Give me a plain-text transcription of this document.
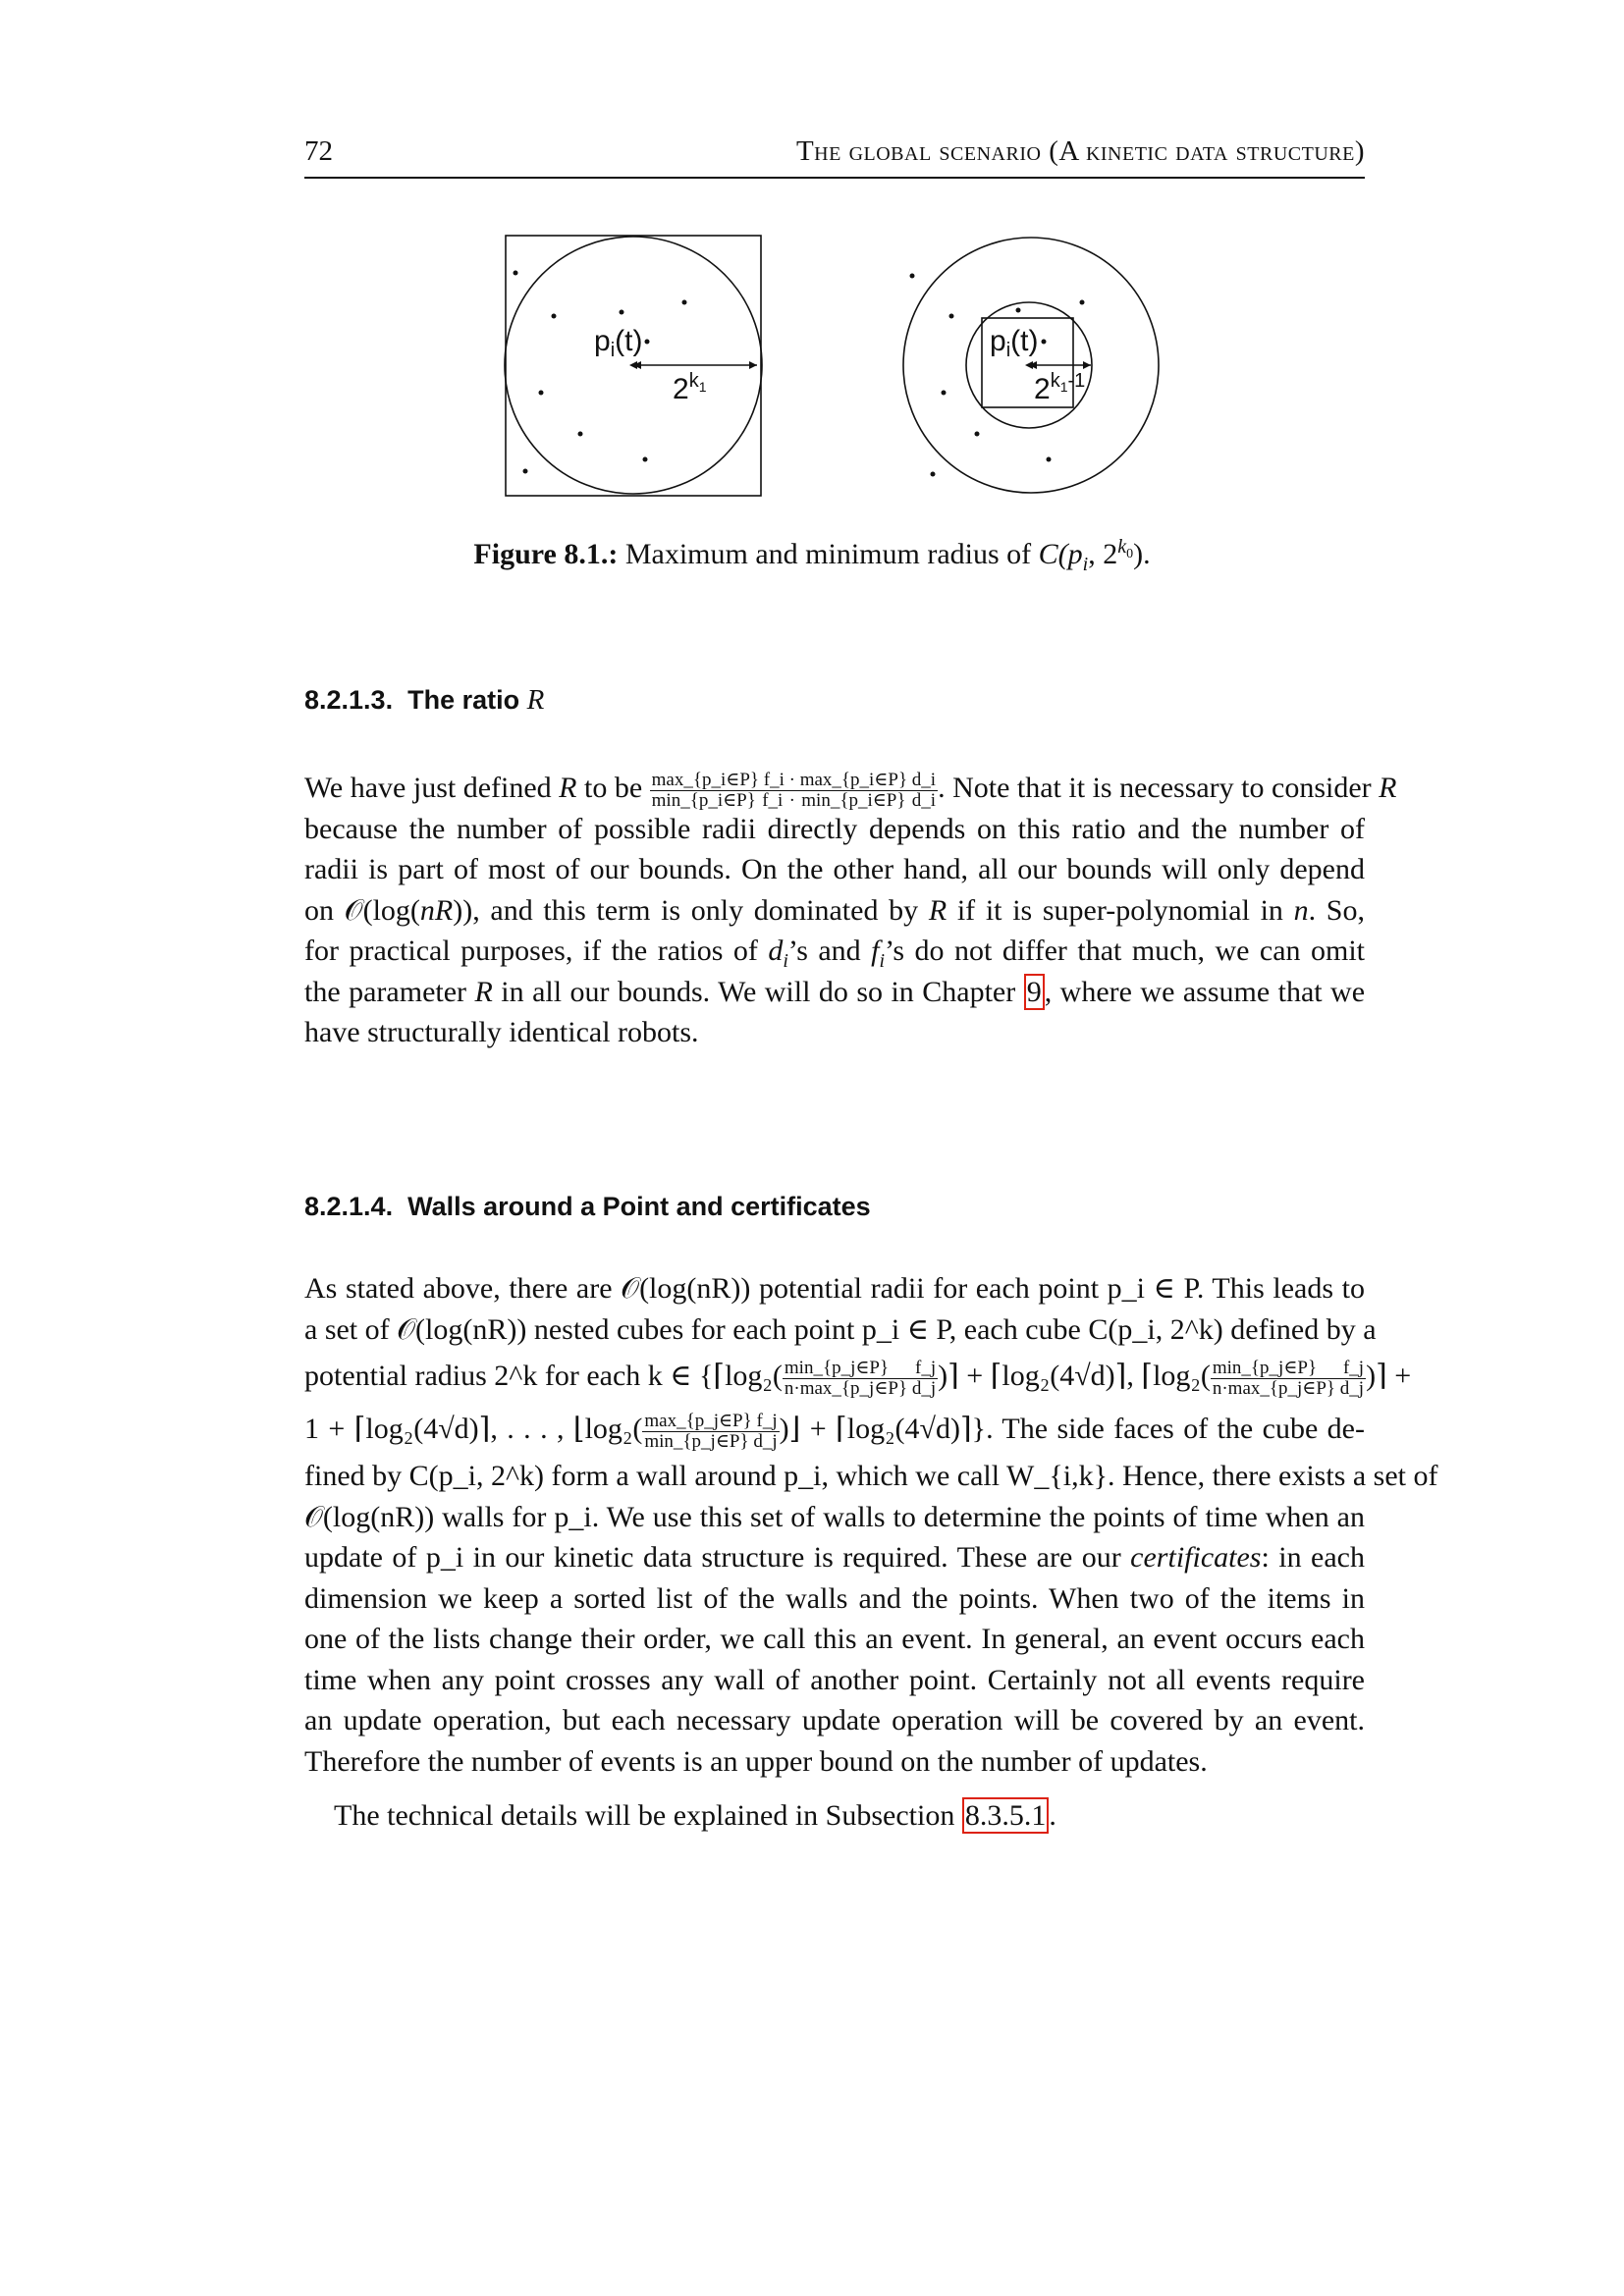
72	The global scenario (A kinetic data structure)
$p_i(t)$
2$^k$1
$p_i(t)$
2$^k$1-1
Figure 8.1.: Maximum and minimum radius of $C(p_i$, $2^{k_0}$).
8.2.1.3. The ratio R
We have just defined R to be $\frac{\max\_\{p\_i\in P\} f\_i \cdot \max\_\{p\_i\in P\} d\_i}{\min\_\{p\_i\in P\} f\_i \cdot \min\_\{p\_i\in P\} d\_i}$ . Note that it is necessary to consider R
because the number of possible radii directly depends on this ratio and the number of
radii is part of most of our bounds. On the other hand, all our bounds will only depend
on 𝒪(log(nR)), and this term is only dominated by R if it is super-polynomial in n. So,
for practical purposes, if the ratios of $d_i’s$ and $f_i’s$ do not differ that much, we can omit
the parameter R in all our bounds. We will do so in Chapter 9 , where we assume that we
have structurally identical robots.
8.2.1.4. Walls around a Point and certificates
As stated above, there are 𝒪(log(nR)) potential radii for each point p_i ∈ P. This leads to
a set of 𝒪(log(nR)) nested cubes for each point p_i ∈ P, each cube C(p_i, 2^k) defined by a
potential radius 2^k for each k ∈ {⌈log₂( $\frac{\min\_\{p\_j\in P\} f\_j}{n\cdot\max\_\{p\_j\in P\} d\_j}$ )⌉ + ⌈log₂(4√d)⌉, ⌈log₂( $\frac{\min\_\{p\_j\in P\} f\_j}{n\cdot\max\_\{p\_j\in P\} d\_j}$ )⌉ +
1 + ⌈log₂(4√d)⌉, . . . , ⌊log₂( $\frac{\max\_\{p\_j\in P\} f\_j}{\min\_\{p\_j\in P\} d\_j}$ )⌋ + ⌈log₂(4√d)⌉}. The side faces of the cube de-
fined by C(p_i, 2^k) form a wall around p_i, which we call W_{i,k}. Hence, there exists a set of
𝒪(log(nR)) walls for p_i. We use this set of walls to determine the points of time when an
update of p_i in our kinetic data structure is required. These are our certificates: in each
dimension we keep a sorted list of the walls and the points. When two of the items in
one of the lists change their order, we call this an event. In general, an event occurs each
time when any point crosses any wall of another point. Certainly not all events require
an update operation, but each necessary update operation will be covered by an event.
Therefore the number of events is an upper bound on the number of updates.
The technical details will be explained in Subsection 8.3.5.1 .
